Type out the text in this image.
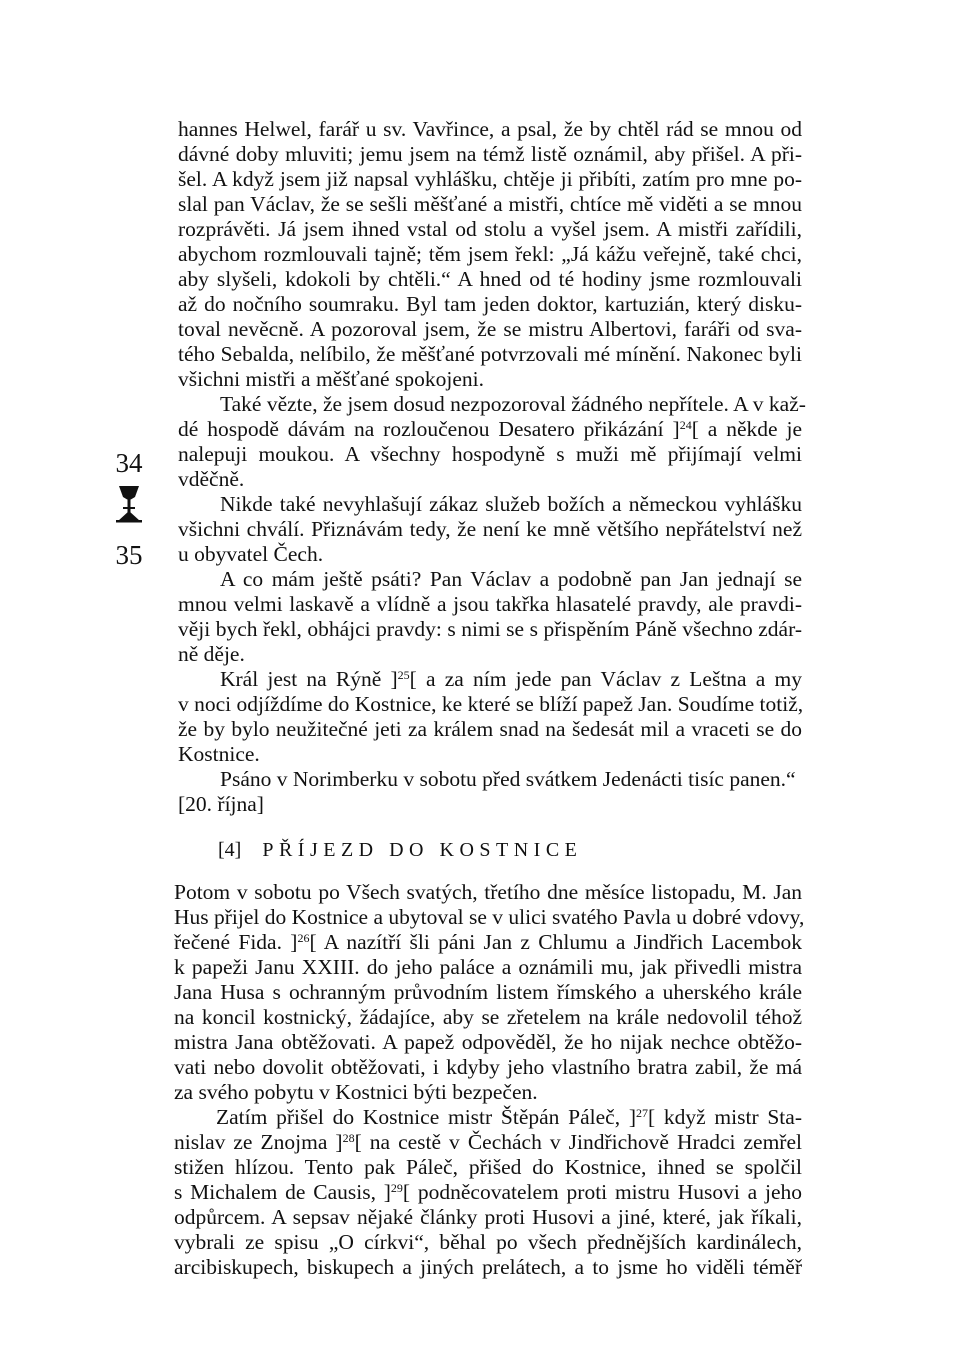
34
35
hannes Helwel, farář u sv. Vavřince, a psal, že by chtěl rád se mnou od
dávné doby mluviti; jemu jsem na témž listě oznámil, aby přišel. A při-
šel. A když jsem již napsal vyhlášku, chtěje ji přibíti, zatím pro mne po-
slal pan Václav, že se sešli měšťané a mistři, chtíce mě viděti a se mnou
rozprávěti. Já jsem ihned vstal od stolu a vyšel jsem. A mistři zařídili,
abychom rozmlouvali tajně; těm jsem řekl: „Já kážu veřejně, také chci,
aby slyšeli, kdokoli by chtěli.“ A hned od té hodiny jsme rozmlouvali
až do nočního soumraku. Byl tam jeden doktor, kartuzián, který disku-
toval nevěcně. A pozoroval jsem, že se mistru Albertovi, faráři od sva-
tého Sebalda, nelíbilo, že měšťané potvrzovali mé mínění. Nakonec byli
všichni mistři a měšťané spokojeni.
Také vězte, že jsem dosud nezpozoroval žádného nepřítele. A v kaž-
dé hospodě dávám na rozloučenou Desatero přikázání ]$^{24}$[ a někde je
nalepuji moukou. A všechny hospodyně s muži mě přijímají velmi
vděčně.
Nikde také nevyhlašují zákaz služeb božích a německou vyhlášku
všichni chválí. Přiznávám tedy, že není ke mně většího nepřátelství než
u obyvatel Čech.
A co mám ještě psáti? Pan Václav a podobně pan Jan jednají se
mnou velmi laskavě a vlídně a jsou takřka hlasatelé pravdy, ale pravdi-
věji bych řekl, obhájci pravdy: s nimi se s přispěním Páně všechno zdár-
ně děje.
Král jest na Rýně ]$^{25}$[ a za ním jede pan Václav z Leštna a my
v noci odjíždíme do Kostnice, ke které se blíží papež Jan. Soudíme totiž,
že by bylo neužitečné jeti za králem snad na šedesát mil a vraceti se do
Kostnice.
Psáno v Norimberku v sobotu před svátkem Jedenácti tisíc panen.“
[20. října]
[4] PŘÍJEZD DO KOSTNICE
Potom v sobotu po Všech svatých, třetího dne měsíce listopadu, M. Jan
Hus přijel do Kostnice a ubytoval se v ulici svatého Pavla u dobré vdovy,
řečené Fida. ]$^{26}$[ A nazítří šli páni Jan z Chlumu a Jindřich Lacembok
k papeži Janu XXIII. do jeho paláce a oznámili mu, jak přivedli mistra
Jana Husa s ochranným průvodním listem římského a uherského krále
na koncil kostnický, žádajíce, aby se zřetelem na krále nedovolil téhož
mistra Jana obtěžovati. A papež odpověděl, že ho nijak nechce obtěžo-
vati nebo dovolit obtěžovati, i kdyby jeho vlastního bratra zabil, že má
za svého pobytu v Kostnici býti bezpečen.
Zatím přišel do Kostnice mistr Štěpán Páleč, ]$^{27}$[ když mistr Sta-
nislav ze Znojma ]$^{28}$[ na cestě v Čechách v Jindřichově Hradci zemřel
stižen hlízou. Tento pak Páleč, přišed do Kostnice, ihned se spolčil
s Michalem de Causis, ]$^{29}$[ podněcovatelem proti mistru Husovi a jeho
odpůrcem. A sepsav nějaké články proti Husovi a jiné, které, jak říkali,
vybrali ze spisu „O církvi“, běhal po všech přednějších kardinálech,
arcibiskupech, biskupech a jiných prelátech, a to jsme ho viděli téměř
